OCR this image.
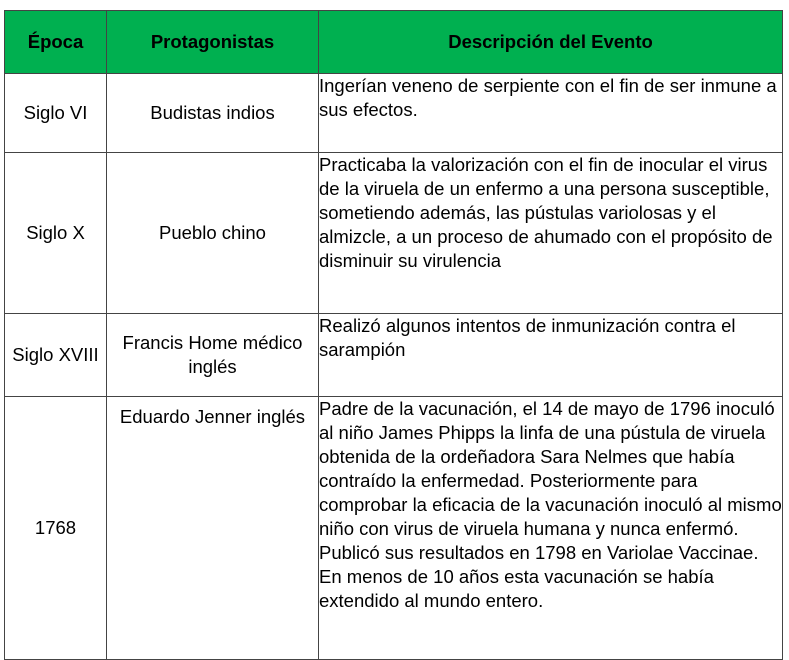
Época	Protagonistas	Descripción del Evento
Siglo VI	Budistas indios	Ingerían veneno de serpiente con el fin de ser inmune a sus efectos.
Siglo X	Pueblo chino	Practicaba la valorización con el fin de inocular el virus de la viruela de un enfermo a una persona susceptible, sometiendo además, las pústulas variolosas y el almizcle, a un proceso de ahumado con el propósito de disminuir su virulencia
Siglo XVIII	Francis Home médico inglés	Realizó algunos intentos de inmunización contra el sarampión
1768	Eduardo Jenner inglés	Padre de la vacunación, el 14 de mayo de 1796 inoculó al niño James Phipps la linfa de una pústula de viruela obtenida de la ordeñadora Sara Nelmes que había contraído la enfermedad. Posteriormente para comprobar la eficacia de la vacunación inoculó al mismo niño con virus de viruela humana y nunca enfermó. Publicó sus resultados en 1798 en Variolae Vaccinae. En menos de 10 años esta vacunación se había extendido al mundo entero.
